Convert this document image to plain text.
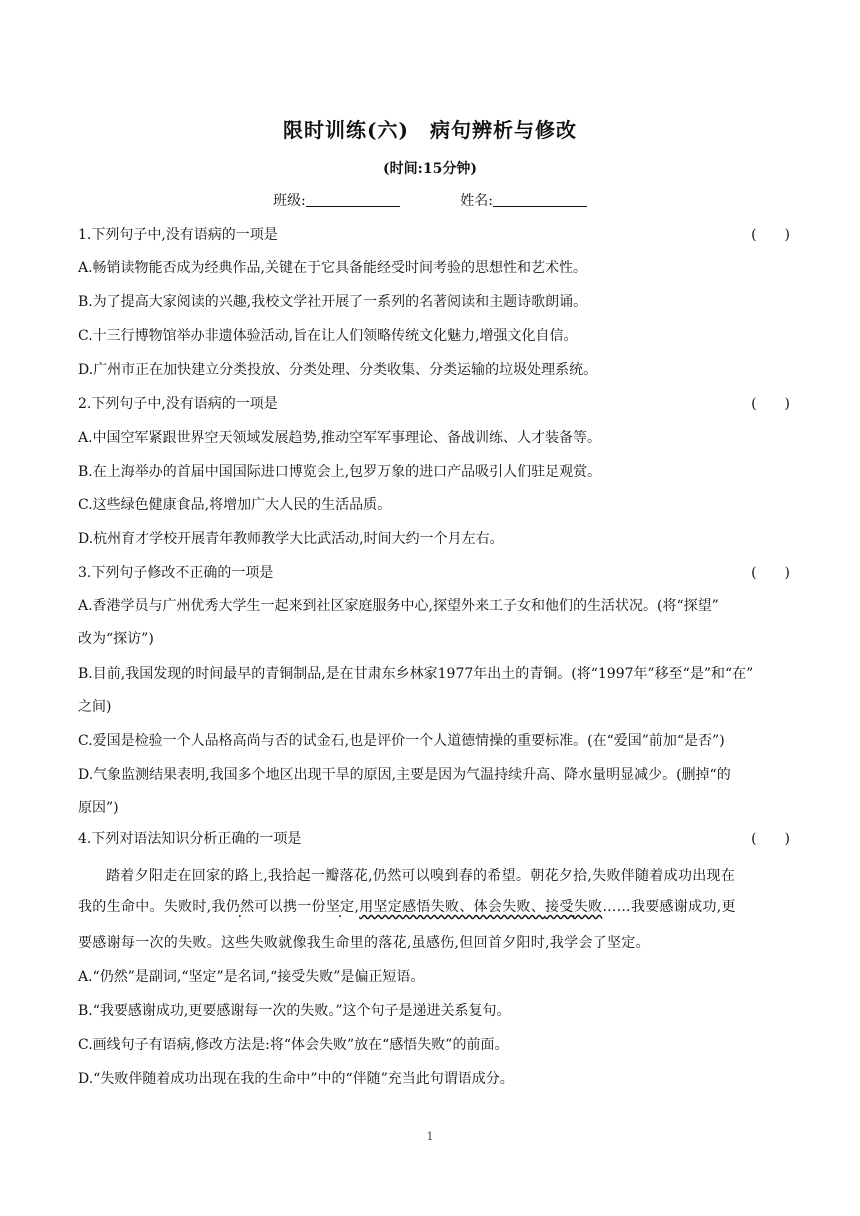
限时训练(六)　病句辨析与修改
(时间:15分钟)
班级:	姓名:
1.下列句子中,没有语病的一项是	(　　)
A.畅销读物能否成为经典作品,关键在于它具备能经受时间考验的思想性和艺术性。
B.为了提高大家阅读的兴趣,我校文学社开展了一系列的名著阅读和主题诗歌朗诵。
C.十三行博物馆举办非遗体验活动,旨在让人们领略传统文化魅力,增强文化自信。
D.广州市正在加快建立分类投放、分类处理、分类收集、分类运输的垃圾处理系统。
2.下列句子中,没有语病的一项是	(　　)
A.中国空军紧跟世界空天领域发展趋势,推动空军军事理论、备战训练、人才装备等。
B.在上海举办的首届中国国际进口博览会上,包罗万象的进口产品吸引人们驻足观赏。
C.这些绿色健康食品,将增加广大人民的生活品质。
D.杭州育才学校开展青年教师教学大比武活动,时间大约一个月左右。
3.下列句子修改不正确的一项是	(　　)
A.香港学员与广州优秀大学生一起来到社区家庭服务中心,探望外来工子女和他们的生活状况。(将“探望”
改为“探访”)
B.目前,我国发现的时间最早的青铜制品,是在甘肃东乡林家1977年出土的青铜。(将“1997年”移至“是”和“在”
之间)
C.爱国是检验一个人品格高尚与否的试金石,也是评价一个人道德情操的重要标准。(在“爱国”前加“是否”)
D.气象监测结果表明,我国多个地区出现干旱的原因,主要是因为气温持续升高、降水量明显减少。(删掉“的
原因”)
4.下列对语法知识分析正确的一项是	(　　)
踏着夕阳走在回家的路上,我拾起一瓣落花,仍然可以嗅到春的希望。朝花夕拾,失败伴随着成功出现在
我的生命中。失败时,我仍然可以携一份坚定,用坚定感悟失败、体会失败、接受失败……我要感谢成功,更
要感谢每一次的失败。这些失败就像我生命里的落花,虽感伤,但回首夕阳时,我学会了坚定。
A.“仍然”是副词,“坚定”是名词,“接受失败”是偏正短语。
B.“我要感谢成功,更要感谢每一次的失败。”这个句子是递进关系复句。
C.画线句子有语病,修改方法是:将“体会失败”放在“感悟失败”的前面。
D.“失败伴随着成功出现在我的生命中”中的“伴随”充当此句谓语成分。
1
